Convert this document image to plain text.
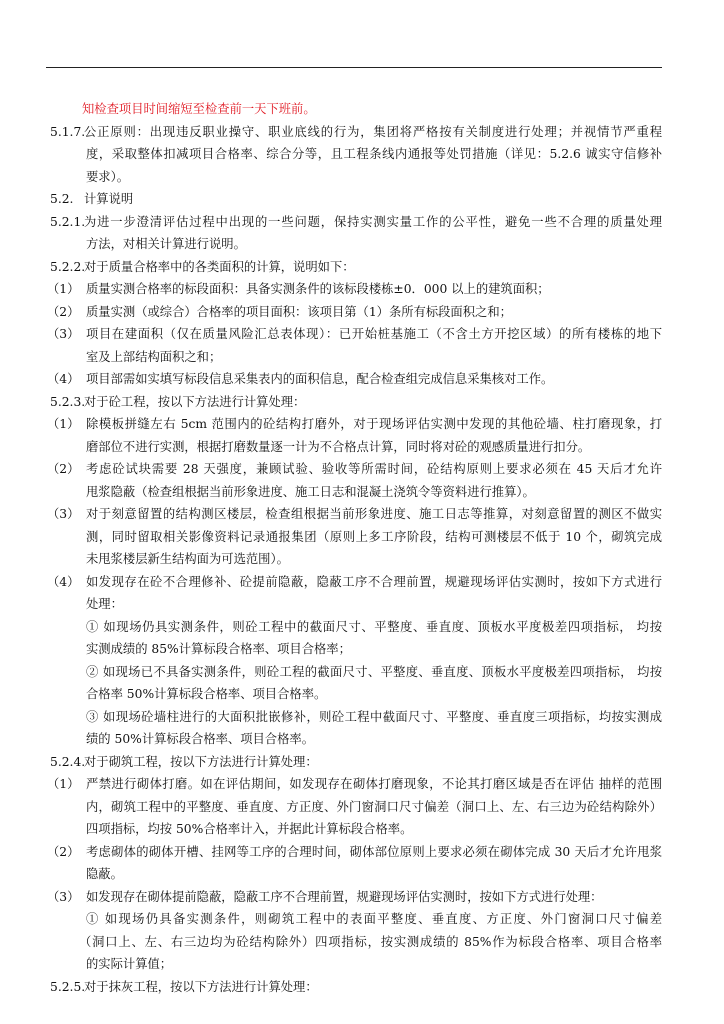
知检查项目时间缩短至检查前一天下班前。
5.1.7.
公正原则：出现违反职业操守、职业底线的行为，集团将严格按有关制度进行处理；并视情节严重程
度，采取整体扣减项目合格率、综合分等，且工程条线内通报等处罚措施（详见：5.2.6 诚实守信修补
要求）。
5.2. 计算说明
5.2.1.
为进一步澄清评估过程中出现的一些问题，保持实测实量工作的公平性，避免一些不合理的质量处理
方法，对相关计算进行说明。
5.2.2.
对于质量合格率中的各类面积的计算，说明如下：
（1） 质量实测合格率的标段面积：具备实测条件的该标段楼栋±0．000 以上的建筑面积；
（2） 质量实测（或综合）合格率的项目面积：该项目第（1）条所有标段面积之和；
（3） 项目在建面积（仅在质量风险汇总表体现）：已开始桩基施工（不含土方开挖区域）的所有楼栋的地下
室及上部结构面积之和；
（4） 项目部需如实填写标段信息采集表内的面积信息，配合检查组完成信息采集核对工作。
5.2.3.
对于砼工程，按以下方法进行计算处理：
（1） 除模板拼缝左右 5cm 范围内的砼结构打磨外，对于现场评估实测中发现的其他砼墙、柱打磨现象，打
磨部位不进行实测，根据打磨数量逐一计为不合格点计算，同时将对砼的观感质量进行扣分。
（2） 考虑砼试块需要 28 天强度，兼顾试验、验收等所需时间，砼结构原则上要求必须在 45 天后才允许
甩浆隐蔽（检查组根据当前形象进度、施工日志和混凝土浇筑令等资料进行推算）。
（3） 对于刻意留置的结构测区楼层，检查组根据当前形象进度、施工日志等推算，对刻意留置的测区不做实
测，同时留取相关影像资料记录通报集团（原则上多工序阶段，结构可测楼层不低于 10 个，砌筑完成
未甩浆楼层新生结构面为可选范围）。
（4） 如发现存在砼不合理修补、砼提前隐蔽，隐蔽工序不合理前置，规避现场评估实测时，按如下方式进行
处理：
① 如现场仍具实测条件，则砼工程中的截面尺寸、平整度、垂直度、顶板水平度极差四项指标， 均按
实测成绩的 85%计算标段合格率、项目合格率；
② 如现场已不具备实测条件，则砼工程的截面尺寸、平整度、垂直度、顶板水平度极差四项指标， 均按
合格率 50%计算标段合格率、项目合格率。
③ 如现场砼墙柱进行的大面积批嵌修补，则砼工程中截面尺寸、平整度、垂直度三项指标，均按实测成
绩的 50%计算标段合格率、项目合格率。
5.2.4.
对于砌筑工程，按以下方法进行计算处理：
（1） 严禁进行砌体打磨。如在评估期间，如发现存在砌体打磨现象，不论其打磨区域是否在评估 抽样的范围
内，砌筑工程中的平整度、垂直度、方正度、外门窗洞口尺寸偏差（洞口上、左、右三边为砼结构除外）
四项指标，均按 50%合格率计入，并据此计算标段合格率。
（2） 考虑砌体的砌体开槽、挂网等工序的合理时间，砌体部位原则上要求必须在砌体完成 30 天后才允许甩浆
隐蔽。
（3） 如发现存在砌体提前隐蔽，隐蔽工序不合理前置，规避现场评估实测时，按如下方式进行处理：
① 如现场仍具备实测条件，则砌筑工程中的表面平整度、垂直度、方正度、外门窗洞口尺寸偏差
（洞口上、左、右三边均为砼结构除外）四项指标，按实测成绩的 85%作为标段合格率、项目合格率
的实际计算值；
5.2.5.
对于抹灰工程，按以下方法进行计算处理：
